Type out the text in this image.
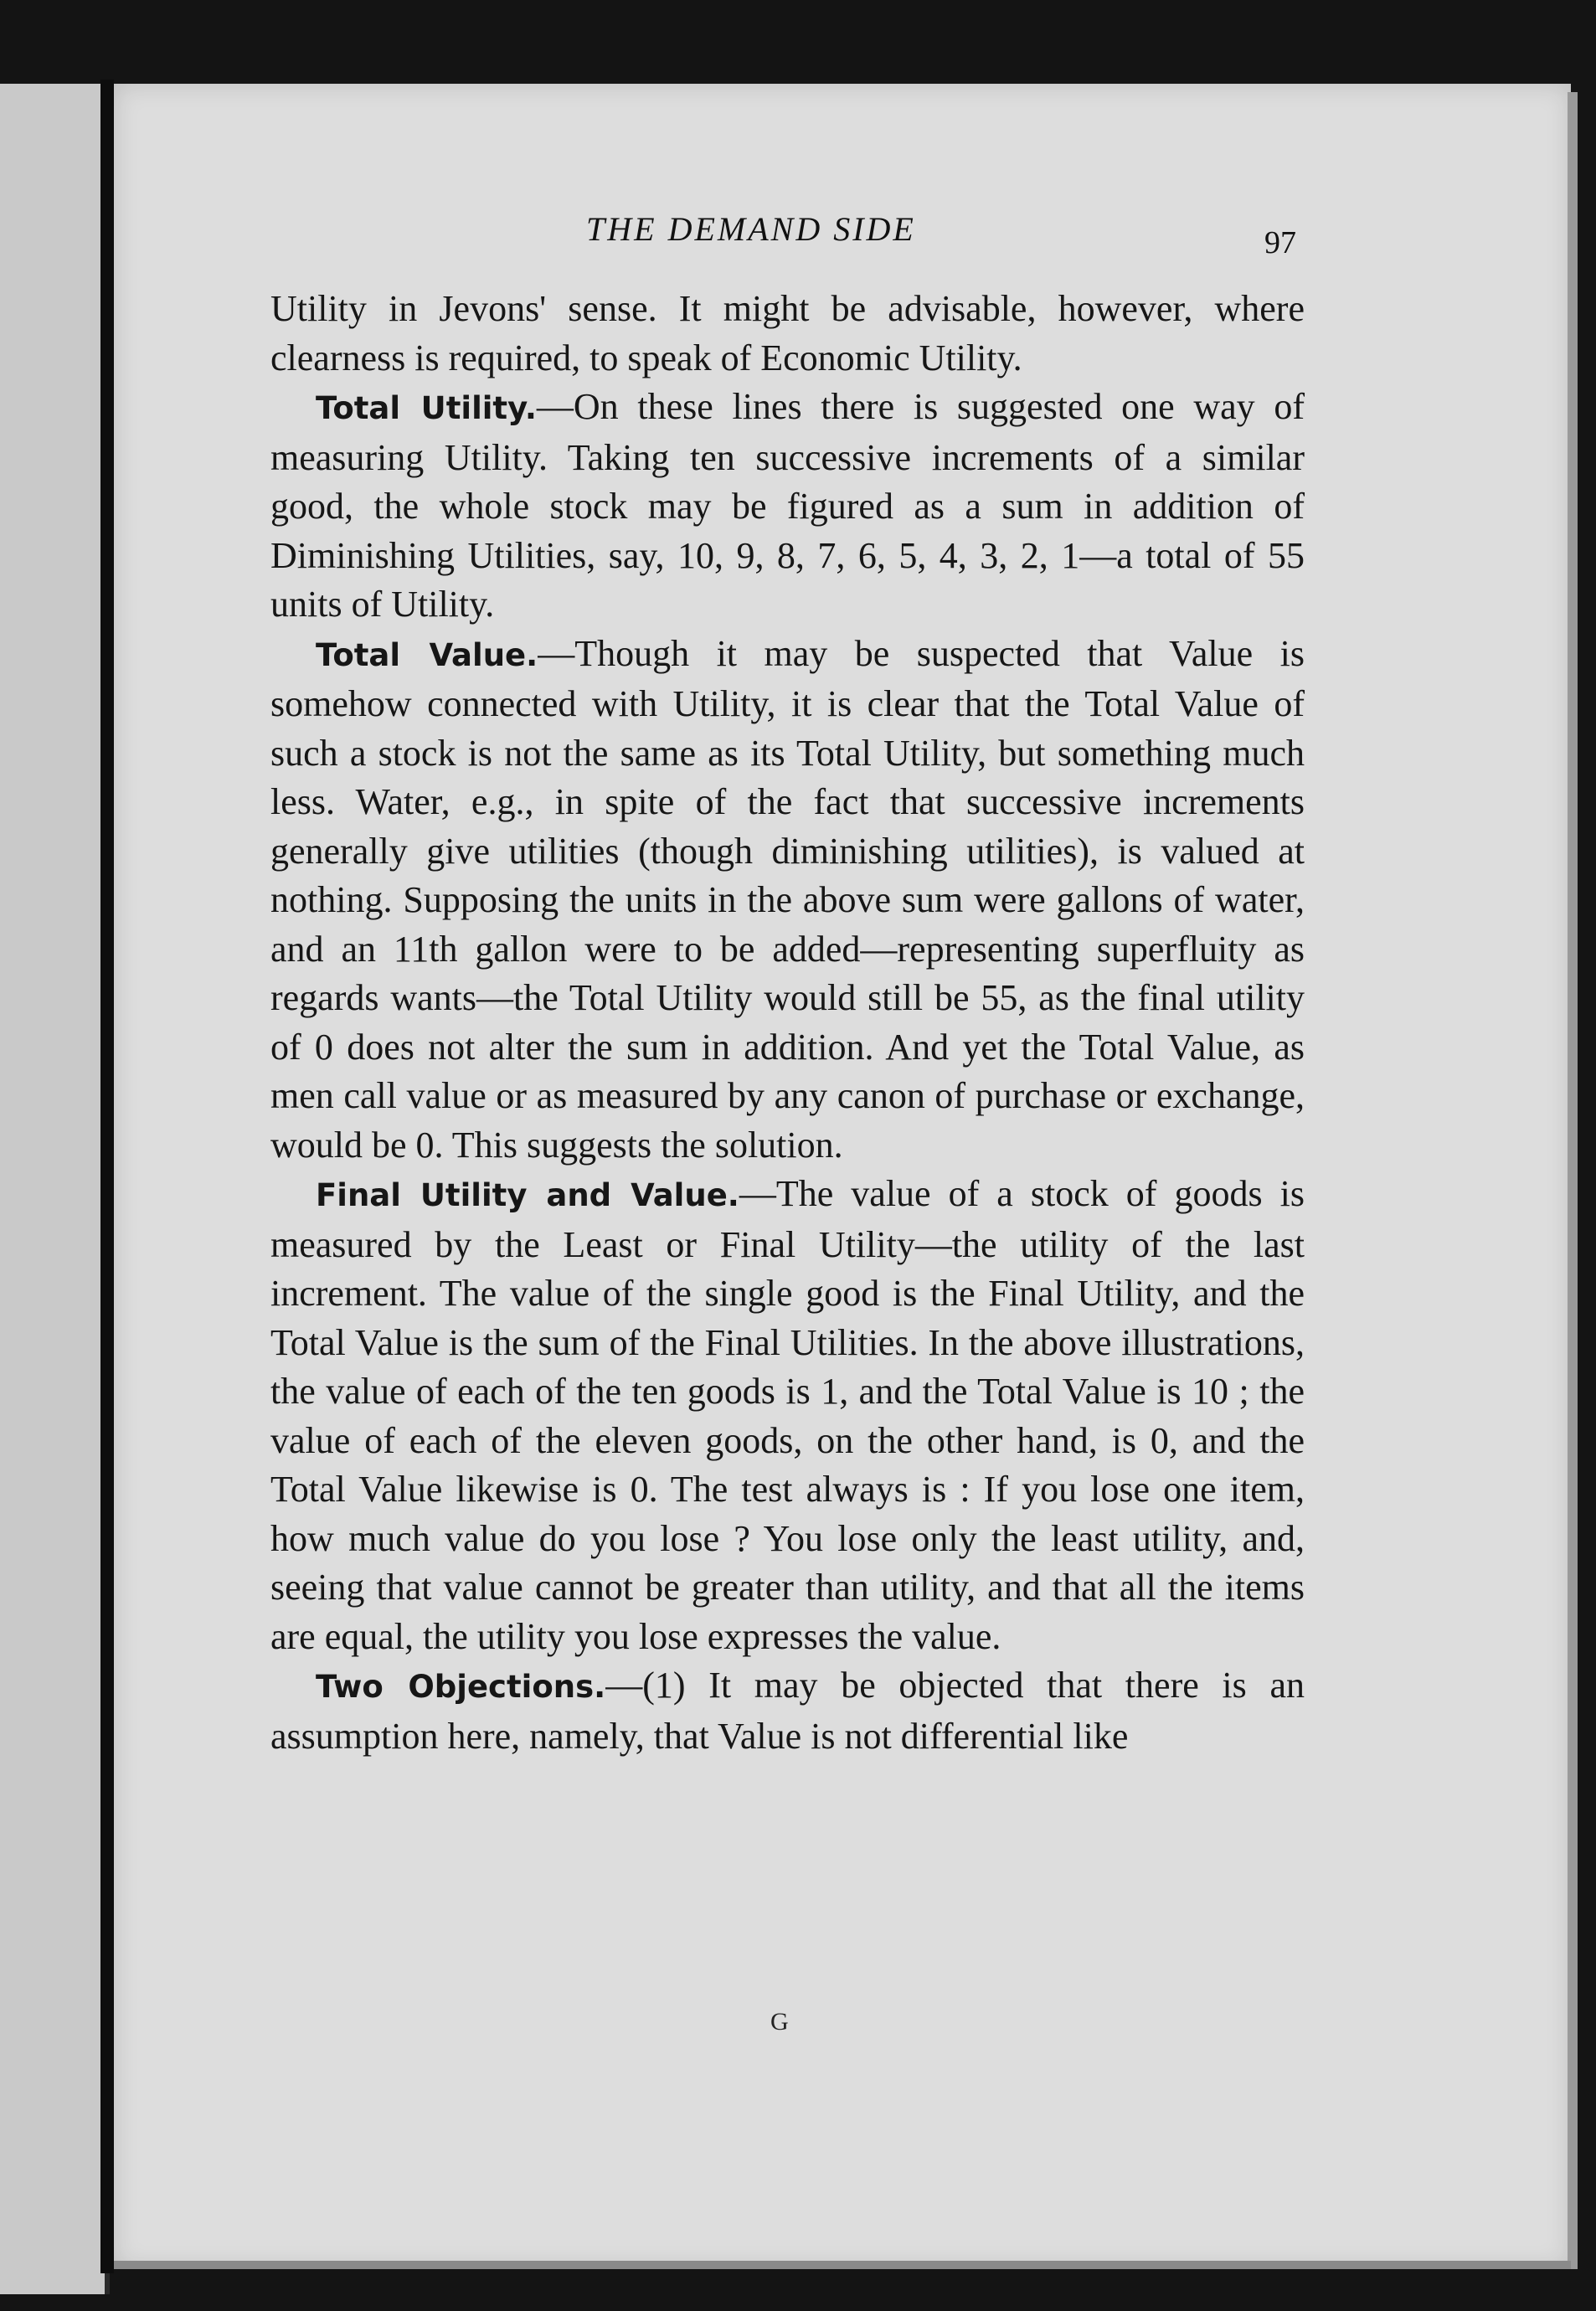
THE DEMAND SIDE	97

Utility in Jevons' sense. It might be advisable, however, where clearness is required, to speak of Economic Utility.

Total Utility.—On these lines there is suggested one way of measuring Utility. Taking ten successive increments of a similar good, the whole stock may be figured as a sum in addition of Diminishing Utilities, say, 10, 9, 8, 7, 6, 5, 4, 3, 2, 1—a total of 55 units of Utility.

Total Value.—Though it may be suspected that Value is somehow connected with Utility, it is clear that the Total Value of such a stock is not the same as its Total Utility, but something much less. Water, e.g., in spite of the fact that successive increments generally give utilities (though diminishing utilities), is valued at nothing. Supposing the units in the above sum were gallons of water, and an 11th gallon were to be added—representing superfluity as regards wants—the Total Utility would still be 55, as the final utility of 0 does not alter the sum in addition. And yet the Total Value, as men call value or as measured by any canon of purchase or exchange, would be 0. This suggests the solution.

Final Utility and Value.—The value of a stock of goods is measured by the Least or Final Utility—the utility of the last increment. The value of the single good is the Final Utility, and the Total Value is the sum of the Final Utilities. In the above illustrations, the value of each of the ten goods is 1, and the Total Value is 10 ; the value of each of the eleven goods, on the other hand, is 0, and the Total Value likewise is 0. The test always is : If you lose one item, how much value do you lose ? You lose only the least utility, and, seeing that value cannot be greater than utility, and that all the items are equal, the utility you lose expresses the value.

Two Objections.—(1) It may be objected that there is an assumption here, namely, that Value is not differential like

G
